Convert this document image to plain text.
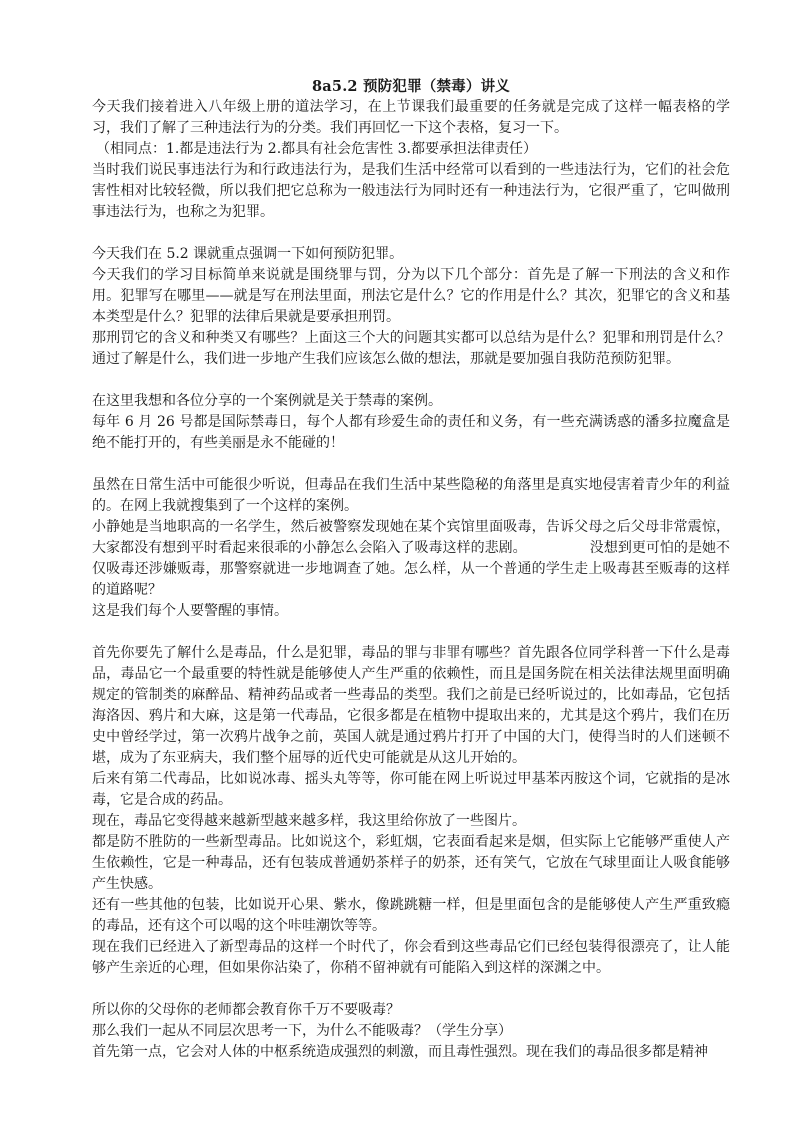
8a5.2 预防犯罪（禁毒）讲义

今天我们接着进入八年级上册的道法学习，在上节课我们最重要的任务就是完成了这样一幅表格的学习，我们了解了三种违法行为的分类。我们再回忆一下这个表格，复习一下。

（相同点：1.都是违法行为 2.都具有社会危害性 3.都要承担法律责任）

当时我们说民事违法行为和行政违法行为，是我们生活中经常可以看到的一些违法行为，它们的社会危害性相对比较轻微，所以我们把它总称为一般违法行为同时还有一种违法行为，它很严重了，它叫做刑事违法行为，也称之为犯罪。

今天我们在 5.2 课就重点强调一下如何预防犯罪。

今天我们的学习目标简单来说就是围绕罪与罚，分为以下几个部分：首先是了解一下刑法的含义和作用。犯罪写在哪里——就是写在刑法里面，刑法它是什么？它的作用是什么？其次，犯罪它的含义和基本类型是什么？犯罪的法律后果就是要承担刑罚。

那刑罚它的含义和种类又有哪些？上面这三个大的问题其实都可以总结为是什么？犯罪和刑罚是什么？通过了解是什么，我们进一步地产生我们应该怎么做的想法，那就是要加强自我防范预防犯罪。

在这里我想和各位分享的一个案例就是关于禁毒的案例。

每年 6 月 26 号都是国际禁毒日，每个人都有珍爱生命的责任和义务，有一些充满诱惑的潘多拉魔盒是绝不能打开的，有些美丽是永不能碰的！

虽然在日常生活中可能很少听说，但毒品在我们生活中某些隐秘的角落里是真实地侵害着青少年的利益的。在网上我就搜集到了一个这样的案例。

小静她是当地职高的一名学生，然后被警察发现她在某个宾馆里面吸毒，告诉父母之后父母非常震惊，大家都没有想到平时看起来很乖的小静怎么会陷入了吸毒这样的悲剧。　　　　　没想到更可怕的是她不仅吸毒还涉嫌贩毒，那警察就进一步地调查了她。怎么样，从一个普通的学生走上吸毒甚至贩毒的这样的道路呢？

这是我们每个人要警醒的事情。

首先你要先了解什么是毒品，什么是犯罪，毒品的罪与非罪有哪些？首先跟各位同学科普一下什么是毒品，毒品它一个最重要的特性就是能够使人产生严重的依赖性，而且是国务院在相关法律法规里面明确规定的管制类的麻醉品、精神药品或者一些毒品的类型。我们之前是已经听说过的，比如毒品，它包括海洛因、鸦片和大麻，这是第一代毒品，它很多都是在植物中提取出来的，尤其是这个鸦片，我们在历史中曾经学过，第一次鸦片战争之前，英国人就是通过鸦片打开了中国的大门，使得当时的人们迷顿不堪，成为了东亚病夫，我们整个屈辱的近代史可能就是从这儿开始的。

后来有第二代毒品，比如说冰毒、摇头丸等等，你可能在网上听说过甲基苯丙胺这个词，它就指的是冰毒，它是合成的药品。

现在，毒品它变得越来越新型越来越多样，我这里给你放了一些图片。

都是防不胜防的一些新型毒品。比如说这个，彩虹烟，它表面看起来是烟，但实际上它能够严重使人产生依赖性，它是一种毒品，还有包装成普通奶茶样子的奶茶，还有笑气，它放在气球里面让人吸食能够产生快感。

还有一些其他的包装，比如说开心果、紫水，像跳跳糖一样，但是里面包含的是能够使人产生严重致瘾的毒品，还有这个可以喝的这个咔哇潮饮等等。

现在我们已经进入了新型毒品的这样一个时代了，你会看到这些毒品它们已经包装得很漂亮了，让人能够产生亲近的心理，但如果你沾染了，你稍不留神就有可能陷入到这样的深渊之中。

所以你的父母你的老师都会教育你千万不要吸毒？

那么我们一起从不同层次思考一下，为什么不能吸毒？（学生分享）

首先第一点，它会对人体的中枢系统造成强烈的刺激，而且毒性强烈。现在我们的毒品很多都是精神
